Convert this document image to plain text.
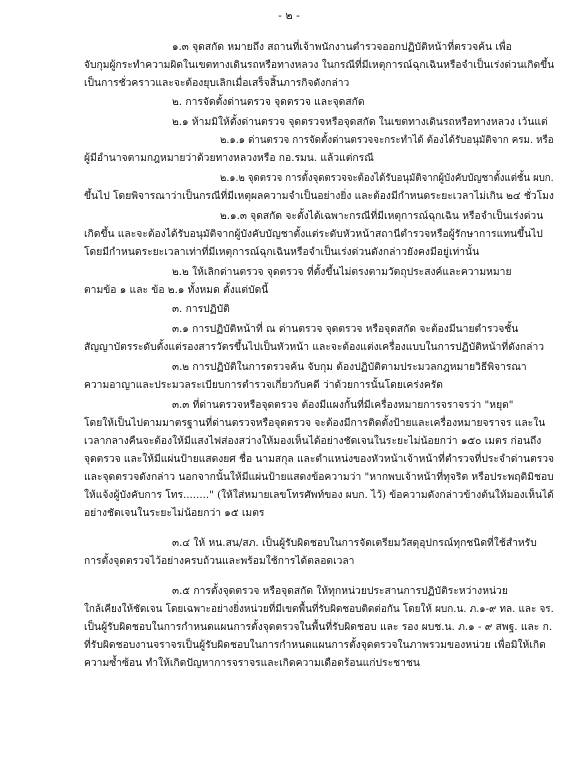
- ๒ -
๑.๓ จุดสกัด หมายถึง สถานที่เจ้าพนักงานตำรวจออกปฏิบัติหน้าที่ตรวจค้น เพื่อ
จับกุมผู้กระทำความผิดในเขตทางเดินรถหรือทางหลวง ในกรณีที่มีเหตุการณ์ฉุกเฉินหรือจำเป็นเร่งด่วนเกิดขึ้น
เป็นการชั่วคราวและจะต้องยุบเลิกเมื่อเสร็จสิ้นภารกิจดังกล่าว
๒. การจัดตั้งด่านตรวจ จุดตรวจ และจุดสกัด
๒.๑ ห้ามมิให้ตั้งด่านตรวจ จุดตรวจหรือจุดสกัด ในเขตทางเดินรถหรือทางหลวง เว้นแต่
๒.๑.๑ ด่านตรวจ การจัดตั้งด่านตรวจจะกระทำได้ ต้องได้รับอนุมัติจาก ครม. หรือ
ผู้มีอำนาจตามกฎหมายว่าด้วยทางหลวงหรือ กอ.รมน. แล้วแต่กรณี
๒.๑.๒ จุดตรวจ การตั้งจุดตรวจจะต้องได้รับอนุมัติจากผู้บังคับบัญชาตั้งแต่ชั้น ผบก.
ขึ้นไป โดยพิจารณาว่าเป็นกรณีที่มีเหตุผลความจำเป็นอย่างยิ่ง และต้องมีกำหนดระยะเวลาไม่เกิน ๒๔ ชั่วโมง
๒.๑.๓ จุดสกัด จะตั้งได้เฉพาะกรณีที่มีเหตุการณ์ฉุกเฉิน หรือจำเป็นเร่งด่วน
เกิดขึ้น และจะต้องได้รับอนุมัติจากผู้บังคับบัญชาตั้งแต่ระดับหัวหน้าสถานีตำรวจหรือผู้รักษาการแทนขึ้นไป
โดยมีกำหนดระยะเวลาเท่าที่มีเหตุการณ์ฉุกเฉินหรือจำเป็นเร่งด่วนดังกล่าวยังคงมีอยู่เท่านั้น
๒.๒ ให้เลิกด่านตรวจ จุดตรวจ ที่ตั้งขึ้นไม่ตรงตามวัตถุประสงค์และความหมาย
ตามข้อ ๑ และ ข้อ ๒.๑ ทั้งหมด ตั้งแต่บัดนี้
๓. การปฏิบัติ
๓.๑ การปฏิบัติหน้าที่ ณ ด่านตรวจ จุดตรวจ หรือจุดสกัด จะต้องมีนายตำรวจชั้น
สัญญาบัตรระดับตั้งแต่รองสารวัตรขึ้นไปเป็นหัวหน้า และจะต้องแต่งเครื่องแบบในการปฏิบัติหน้าที่ดังกล่าว
๓.๒ การปฏิบัติในการตรวจค้น จับกุม ต้องปฏิบัติตามประมวลกฎหมายวิธีพิจารณา
ความอาญาและประมวลระเบียบการตำรวจเกี่ยวกับคดี ว่าด้วยการนั้นโดยเคร่งครัด
๓.๓ ที่ด่านตรวจหรือจุดตรวจ ต้องมีแผงกั้นที่มีเครื่องหมายการจราจรว่า "หยุด"
โดยให้เป็นไปตามมาตรฐานที่ด่านตรวจหรือจุดตรวจ จะต้องมีการติดตั้งป้ายและเครื่องหมายจราจร และใน
เวลากลางคืนจะต้องให้มีแสงไฟส่องสว่างให้มองเห็นได้อย่างชัดเจนในระยะไม่น้อยกว่า ๑๕๐ เมตร ก่อนถึง
จุดตรวจ และให้มีแผ่นป้ายแสดงยศ ชื่อ นามสกุล และตำแหน่งของหัวหน้าเจ้าหน้าที่ตำรวจที่ประจำด่านตรวจ
และจุดตรวจดังกล่าว นอกจากนั้นให้มีแผ่นป้ายแสดงข้อความว่า "หากพบเจ้าหน้าที่ทุจริต หรือประพฤติมิชอบ
ให้แจ้งผู้บังคับการ โทร........" (ให้ใส่หมายเลขโทรศัพท์ของ ผบก. ไว้) ข้อความดังกล่าวข้างต้นให้มองเห็นได้
อย่างชัดเจนในระยะไม่น้อยกว่า ๑๕ เมตร
๓.๔ ให้ หน.สน/สภ. เป็นผู้รับผิดชอบในการจัดเตรียมวัสดุอุปกรณ์ทุกชนิดที่ใช้สำหรับ
การตั้งจุดตรวจไว้อย่างครบถ้วนและพร้อมใช้การได้ตลอดเวลา
๓.๕ การตั้งจุดตรวจ หรือจุดสกัด ให้ทุกหน่วยประสานการปฏิบัติระหว่างหน่วย
ใกล้เคียงให้ชัดเจน โดยเฉพาะอย่างยิ่งหน่วยที่มีเขตพื้นที่รับผิดชอบติดต่อกัน โดยให้ ผบก.น. ภ.๑-๙ ทล. และ จร.
เป็นผู้รับผิดชอบในการกำหนดแผนการตั้งจุดตรวจในพื้นที่รับผิดชอบ และ รอง ผบช.น. ภ.๑ - ๙ สพฐ. และ ก.
ที่รับผิดชอบงานจราจรเป็นผู้รับผิดชอบในการกำหนดแผนการตั้งจุดตรวจในภาพรวมของหน่วย เพื่อมิให้เกิด
ความซ้ำซ้อน ทำให้เกิดปัญหาการจราจรและเกิดความเดือดร้อนแก่ประชาชน
